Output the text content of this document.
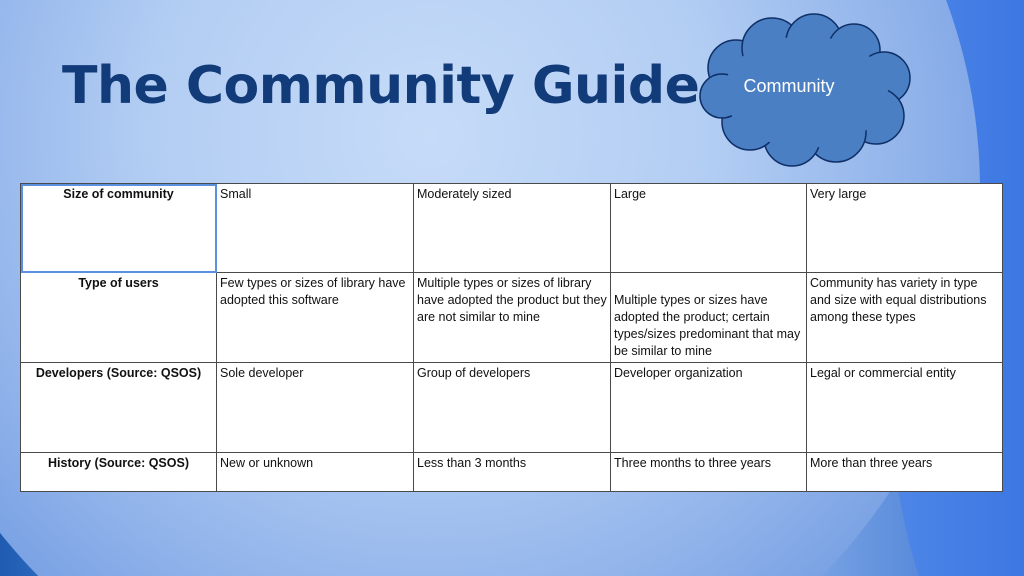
The Community Guide	Community
Size of community	Small	Moderately sized	Large	Very large
Type of users	Few types or sizes of library have adopted this software	Multiple types or sizes of library have adopted the product but they are not similar to mine	Multiple types or sizes have adopted the product; certain types/sizes predominant that may be similar to mine	Community has variety in type and size with equal distributions among these types
Developers (Source: QSOS)	Sole developer	Group of developers	Developer organization	Legal or commercial entity
History (Source: QSOS)	New or unknown	Less than 3 months	Three months to three years	More than three years
